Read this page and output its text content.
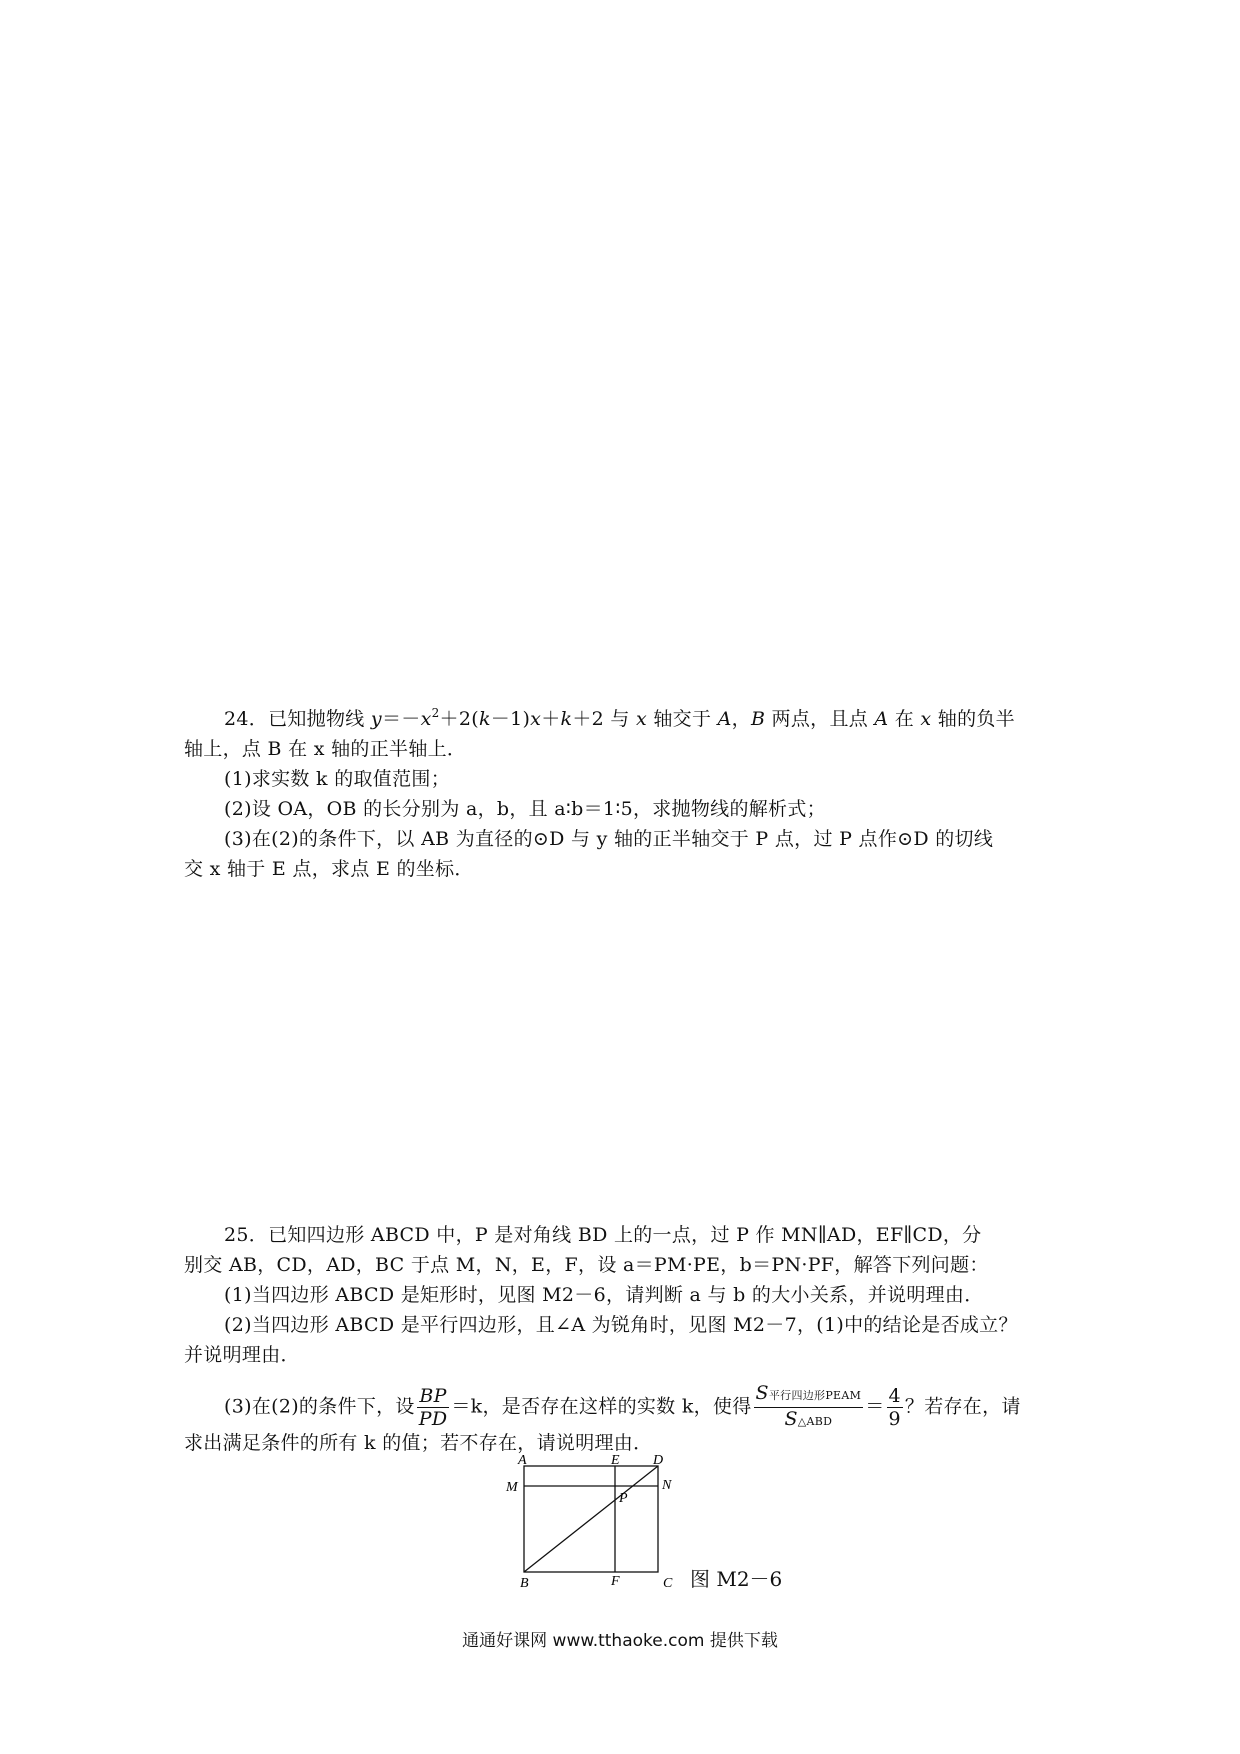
24．已知抛物线 $y=-x^2+2(k-1)x+k+2$ 与 x 轴交于 A，B 两点，且点 A 在 x 轴的负半
轴上，点 B 在 x 轴的正半轴上．
(1)求实数 k 的取值范围；
(2)设 OA，OB 的长分别为 a，b，且 a∶b＝1∶5，求抛物线的解析式；
(3)在(2)的条件下，以 AB 为直径的⊙D 与 y 轴的正半轴交于 P 点，过 P 点作⊙D 的切线
交 x 轴于 E 点，求点 E 的坐标．
25．已知四边形 ABCD 中，P 是对角线 BD 上的一点，过 P 作 MN∥AD，EF∥CD，分
别交 AB，CD，AD，BC 于点 M，N，E，F，设 a＝PM·PE，b＝PN·PF，解答下列问题：
(1)当四边形 ABCD 是矩形时，见图 M2－6，请判断 a 与 b 的大小关系，并说明理由．
(2)当四边形 ABCD 是平行四边形，且∠A 为锐角时，见图 M2－7，(1)中的结论是否成立？
并说明理由．
(3)在(2)的条件下，设 $\frac{BP}{PD} =k$，是否存在这样的实数 k，使得 $\frac{\text{S平行四边形PEAM}}{\text{S△ABD}} = \frac{4}{9}$ ？若存在，请
求出满足条件的所有 k 的值；若不存在，请说明理由．
A	E D
M	N
P
B	F	C 图 M2－6
通通好课网 www.tthaoke.com 提供下载
